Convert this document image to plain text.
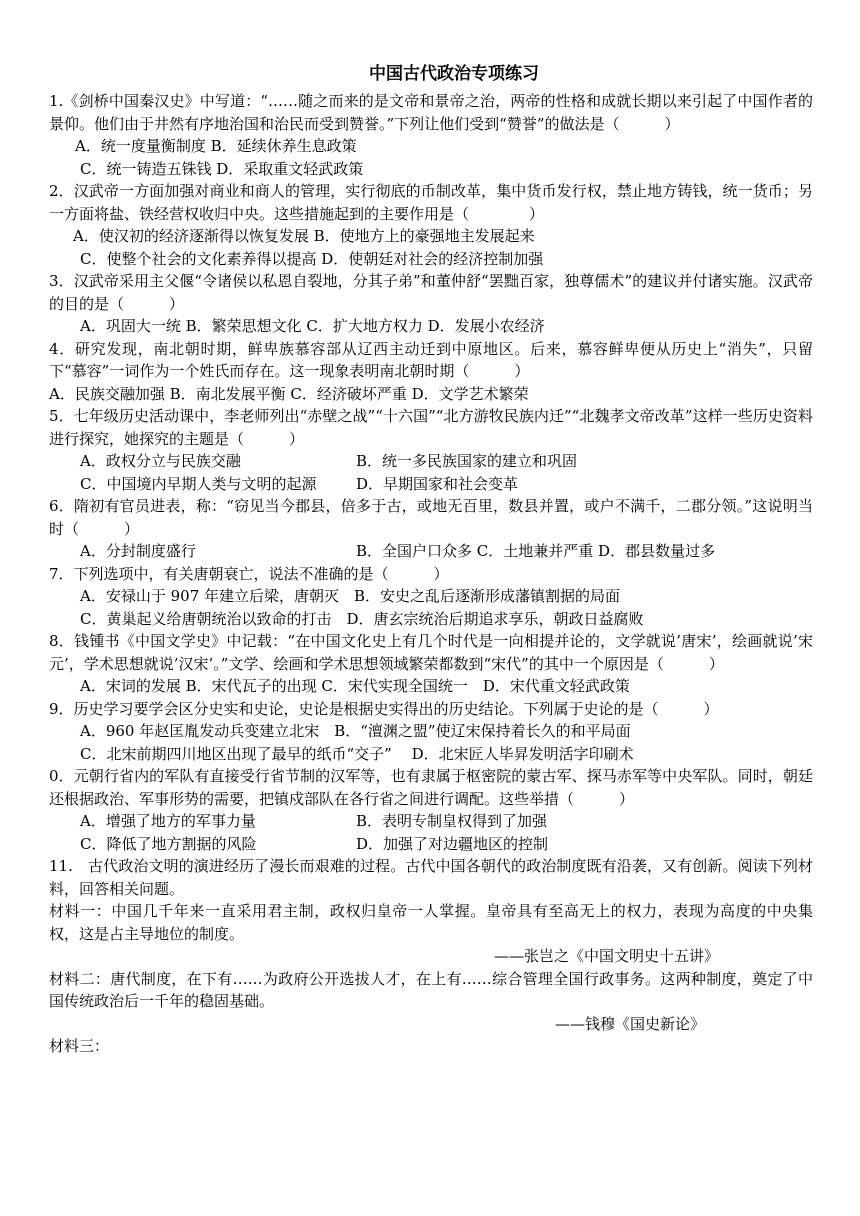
中国古代政治专项练习

1.《剑桥中国秦汉史》中写道：“……随之而来的是文帝和景帝之治，两帝的性格和成就长期以来引起了中国作者的景仰。他们由于井然有序地治国和治民而受到赞誉。”下列让他们受到“赞誉”的做法是（　　　）

A．统一度量衡制度 B．延续休养生息政策
C．统一铸造五铢钱 D．采取重文轻武政策

2．汉武帝一方面加强对商业和商人的管理，实行彻底的币制改革，集中货币发行权，禁止地方铸钱，统一货币；另一方面将盐、铁经营权收归中央。这些措施起到的主要作用是（　　　　）

A．使汉初的经济逐渐得以恢复发展 B．使地方上的豪强地主发展起来
C．使整个社会的文化素养得以提高 D．使朝廷对社会的经济控制加强

3．汉武帝采用主父偃“令诸侯以私恩自裂地，分其子弟”和董仲舒“罢黜百家，独尊儒术”的建议并付诸实施。汉武帝的目的是（　　　）

A．巩固大一统 B．繁荣思想文化 C．扩大地方权力 D．发展小农经济

4．研究发现，南北朝时期，鲜卑族慕容部从辽西主动迁到中原地区。后来，慕容鲜卑便从历史上“消失”，只留下“慕容”一词作为一个姓氏而存在。这一现象表明南北朝时期（　　　）

A．民族交融加强 B．南北发展平衡 C．经济破坏严重 D．文学艺术繁荣

5．七年级历史活动课中，李老师列出“赤壁之战”“十六国”“北方游牧民族内迁”“北魏孝文帝改革”这样一些历史资料进行探究，她探究的主题是（　　　）

A．政权分立与民族交融	B．统一多民族国家的建立和巩固
C．中国境内早期人类与文明的起源	D．早期国家和社会变革

6．隋初有官员进表，称：“窃见当今郡县，倍多于古，或地无百里，数县并置，或户不满千，二郡分领。”这说明当时（　　　）

A．分封制度盛行	B．全国户口众多 C．土地兼并严重 D．郡县数量过多

7．下列选项中，有关唐朝衰亡，说法不准确的是（　　　）

A．安禄山于 907 年建立后梁，唐朝灭　B．安史之乱后逐渐形成藩镇割据的局面
C．黄巢起义给唐朝统治以致命的打击　D．唐玄宗统治后期追求享乐，朝政日益腐败

8．钱锺书《中国文学史》中记载：“在中国文化史上有几个时代是一向相提并论的，文学就说’唐宋’，绘画就说’宋元’，学术思想就说’汉宋’。”文学、绘画和学术思想领域繁荣都数到“宋代”的其中一个原因是（　　　）

A．宋词的发展 B．宋代瓦子的出现 C．宋代实现全国统一　D．宋代重文轻武政策

9．历史学习要学会区分史实和史论，史论是根据史实得出的历史结论。下列属于史论的是（　　　）

A．960 年赵匡胤发动兵变建立北宋　B．“澶渊之盟”使辽宋保持着长久的和平局面
C．北宋前期四川地区出现了最早的纸币“交子”　 D．北宋匠人毕昇发明活字印刷术

0．元朝行省内的军队有直接受行省节制的汉军等，也有隶属于枢密院的蒙古军、探马赤军等中央军队。同时，朝廷还根据政治、军事形势的需要，把镇戍部队在各行省之间进行调配。这些举措（　　　）

A．增强了地方的军事力量	B．表明专制皇权得到了加强
C．降低了地方割据的风险	D．加强了对边疆地区的控制

11.　古代政治文明的演进经历了漫长而艰难的过程。古代中国各朝代的政治制度既有沿袭，又有创新。阅读下列材料，回答相关问题。

材料一：中国几千年来一直采用君主制，政权归皇帝一人掌握。皇帝具有至高无上的权力，表现为高度的中央集权，这是占主导地位的制度。

——张岂之《中国文明史十五讲》

材料二：唐代制度，在下有……为政府公开选拔人才，在上有……综合管理全国行政事务。这两种制度，奠定了中国传统政治后一千年的稳固基础。

——钱穆《国史新论》
材料三：
